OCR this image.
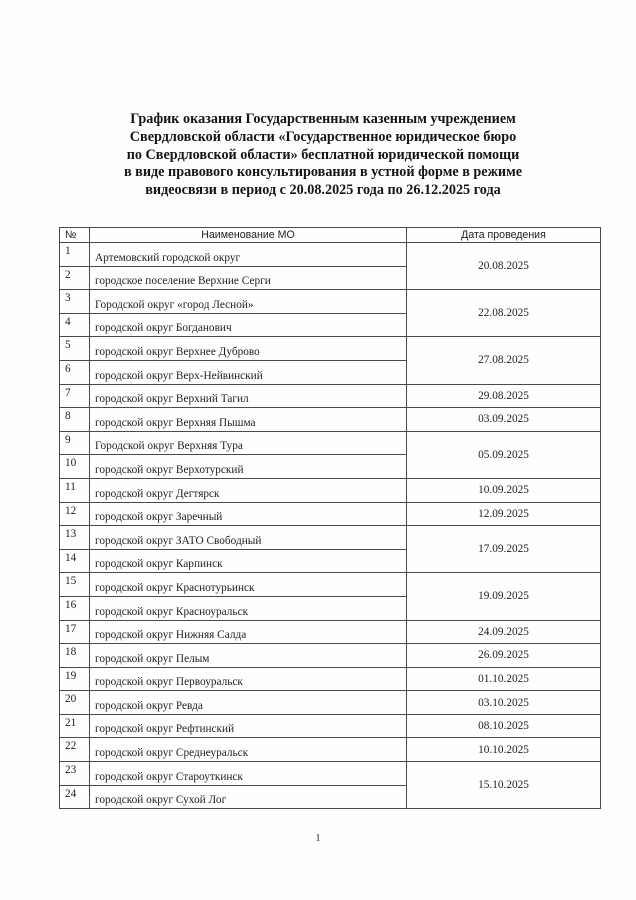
График оказания Государственным казенным учреждением
Свердловской области «Государственное юридическое бюро
по Свердловской области» бесплатной юридической помощи
в виде правового консультирования в устной форме в режиме
видеосвязи в период с 20.08.2025 года по 26.12.2025 года
№	Наименование МО	Дата проведения
1	Артемовский городской округ	20.08.2025
2	городское поселение Верхние Серги	
3	Городской округ «город Лесной»	22.08.2025
4	городской округ Богданович	
5	городской округ Верхнее Дуброво	27.08.2025
6	городской округ Верх-Нейвинский	
7	городской округ Верхний Тагил	29.08.2025
8	городской округ Верхняя Пышма	03.09.2025
9	Городской округ Верхняя Тура	05.09.2025
10	городской округ Верхотурский	
11	городской округ Дегтярск	10.09.2025
12	городской округ Заречный	12.09.2025
13	городской округ ЗАТО Свободный	17.09.2025
14	городской округ Карпинск	
15	городской округ Краснотурьинск	19.09.2025
16	городской округ Красноуральск	
17	городской округ Нижняя Салда	24.09.2025
18	городской округ Пелым	26.09.2025
19	городской округ Первоуральск	01.10.2025
20	городской округ Ревда	03.10.2025
21	городской округ Рефтинский	08.10.2025
22	городской округ Среднеуральск	10.10.2025
23	городской округ Староуткинск	15.10.2025
24	городской округ Сухой Лог	
1
